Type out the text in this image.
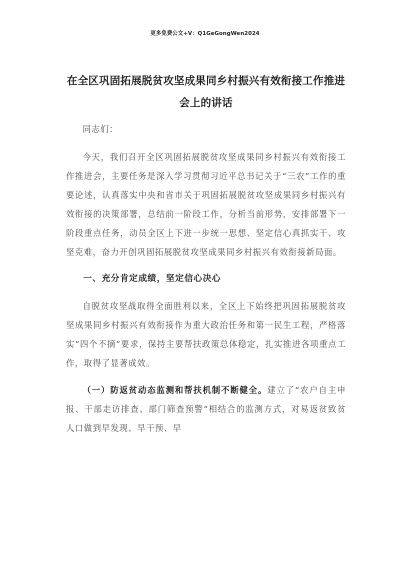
更多免费公文+V：Q1GeGongWen2024
在全区巩固拓展脱贫攻坚成果同乡村振兴有效衔接工作推进会上的讲话

同志们：

今天，我们召开全区巩固拓展脱贫攻坚成果同乡村振兴有效衔接工作推进会，主要任务是深入学习贯彻习近平总书记关于“三农”工作的重要论述，认真落实中央和省市关于巩固拓展脱贫攻坚成果同乡村振兴有效衔接的决策部署，总结前一阶段工作，分析当前形势，安排部署下一阶段重点任务，动员全区上下进一步统一思想、坚定信心真抓实干、攻坚克难，奋力开创巩固拓展脱贫攻坚成果同乡村振兴有效衔接新局面。

一、充分肯定成绩，坚定信心决心

自脱贫攻坚战取得全面胜利以来，全区上下始终把巩固拓展脱贫攻坚成果同乡村振兴有效衔接作为重大政治任务和第一民生工程，严格落实“四个不摘”要求，保持主要帮扶政策总体稳定，扎实推进各项重点工作，取得了显著成效。

（一）防返贫动态监测和帮扶机制不断健全。建立了“农户自主申报、干部走访排查、部门筛查预警”相结合的监测方式，对易返贫致贫人口做到早发现、早干预、早
